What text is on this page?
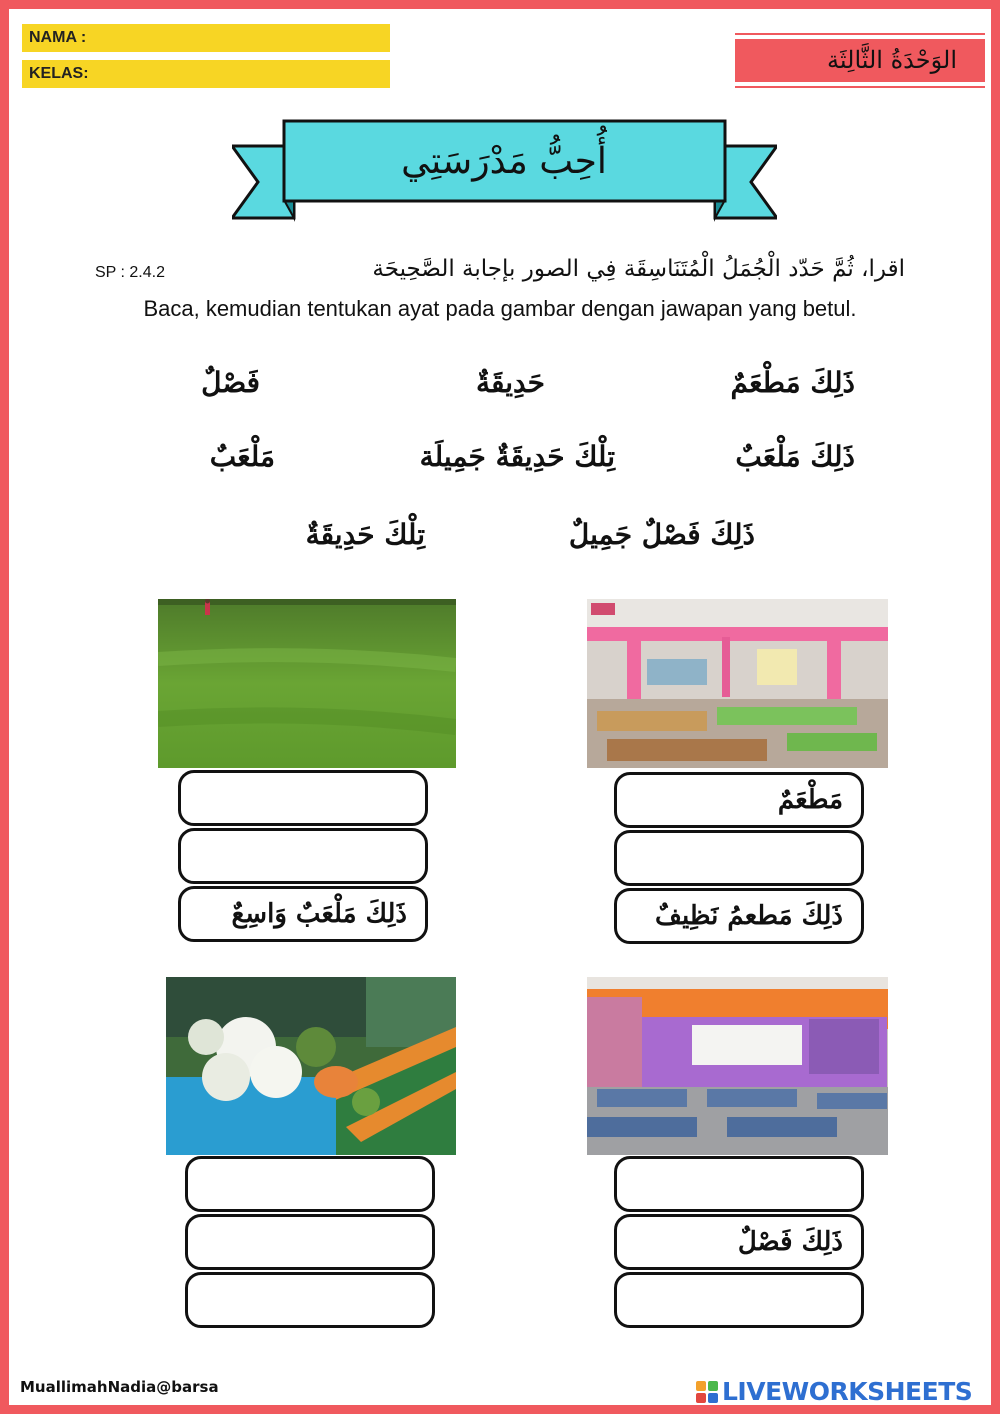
NAMA :
KELAS:	الوَحْدَةُ الثَّالِثَة
أُحِبُّ مَدْرَسَتِي
اقرا، ثُمَّ حَدّد الْجُمَلُ الْمُتَنَاسِقَة فِي الصور بإجابة الصَّحِيحَة
SP : 2.4.2
Baca, kemudian tentukan ayat pada gambar dengan jawapan yang betul.
ذَلِكَ مَطْعَمٌ
حَدِيقَةٌ
فَصْلٌ
ذَلِكَ مَلْعَبٌ
تِلْكَ حَدِيقَةٌ جَمِيلَة
مَلْعَبٌ
ذَلِكَ فَصْلٌ جَمِيلٌ
تِلْكَ حَدِيقَةٌ
ذَلِكَ مَلْعَبٌ وَاسِعٌ
مَطْعَمٌ
ذَلِكَ مَطعمُ نَظِيفٌ
ذَلِكَ فَصْلٌ
MuallimahNadia@barsa	LIVEWORKSHEETS
